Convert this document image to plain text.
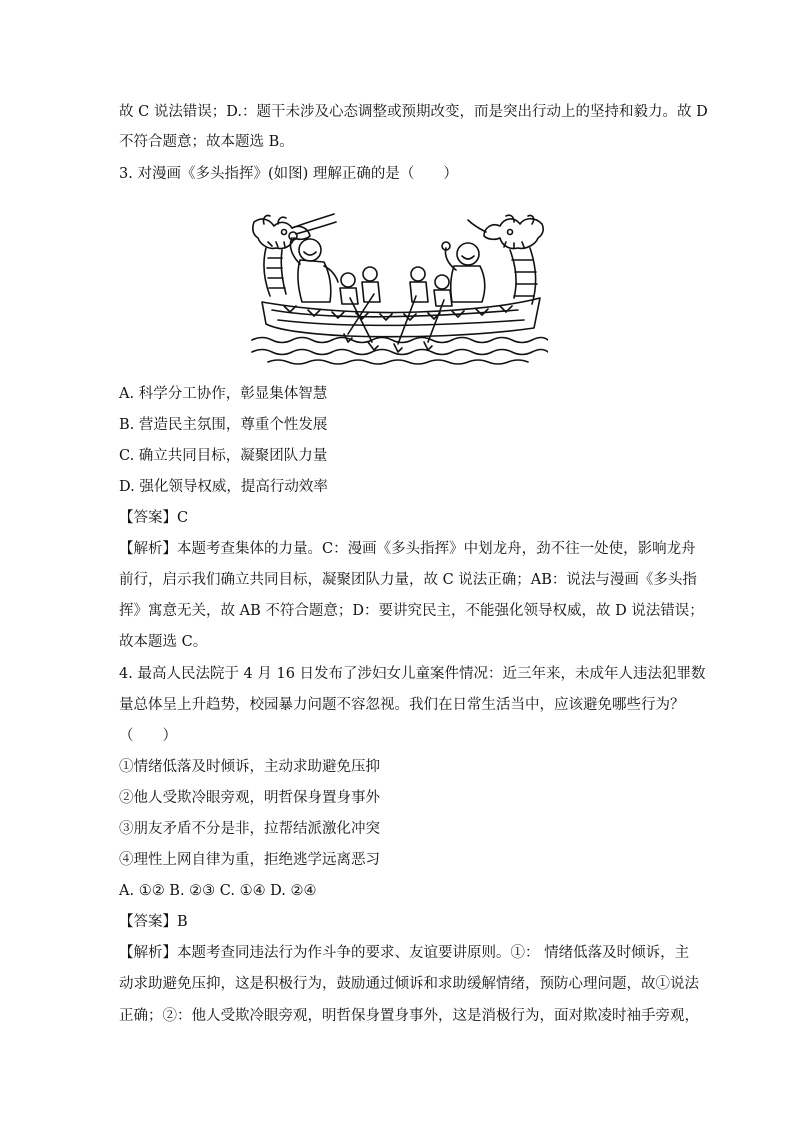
故 C 说法错误；D.：题干未涉及心态调整或预期改变，而是突出行动上的坚持和毅力。故 D
不符合题意；故本题选 B。
3. 对漫画《多头指挥》(如图) 理解正确的是（　　）
A. 科学分工协作，彰显集体智慧
B. 营造民主氛围，尊重个性发展
C. 确立共同目标，凝聚团队力量
D. 强化领导权威，提高行动效率
【答案】C
【解析】本题考查集体的力量。C：漫画《多头指挥》中划龙舟，劲不往一处使，影响龙舟
前行，启示我们确立共同目标，凝聚团队力量，故 C 说法正确；AB：说法与漫画《多头指
挥》寓意无关，故 AB 不符合题意；D：要讲究民主，不能强化领导权威，故 D 说法错误；
故本题选 C。
4. 最高人民法院于 4 月 16 日发布了涉妇女儿童案件情况：近三年来，未成年人违法犯罪数
量总体呈上升趋势，校园暴力问题不容忽视。我们在日常生活当中，应该避免哪些行为？
（　　）
①情绪低落及时倾诉，主动求助避免压抑
②他人受欺冷眼旁观，明哲保身置身事外
③朋友矛盾不分是非，拉帮结派激化冲突
④理性上网自律为重，拒绝逃学远离恶习
A. ①② B. ②③ C. ①④ D. ②④
【答案】B
【解析】本题考查同违法行为作斗争的要求、友谊要讲原则。①： 情绪低落及时倾诉，主
动求助避免压抑，这是积极行为，鼓励通过倾诉和求助缓解情绪，预防心理问题，故①说法
正确；②：他人受欺冷眼旁观，明哲保身置身事外，这是消极行为，面对欺凌时袖手旁观，
